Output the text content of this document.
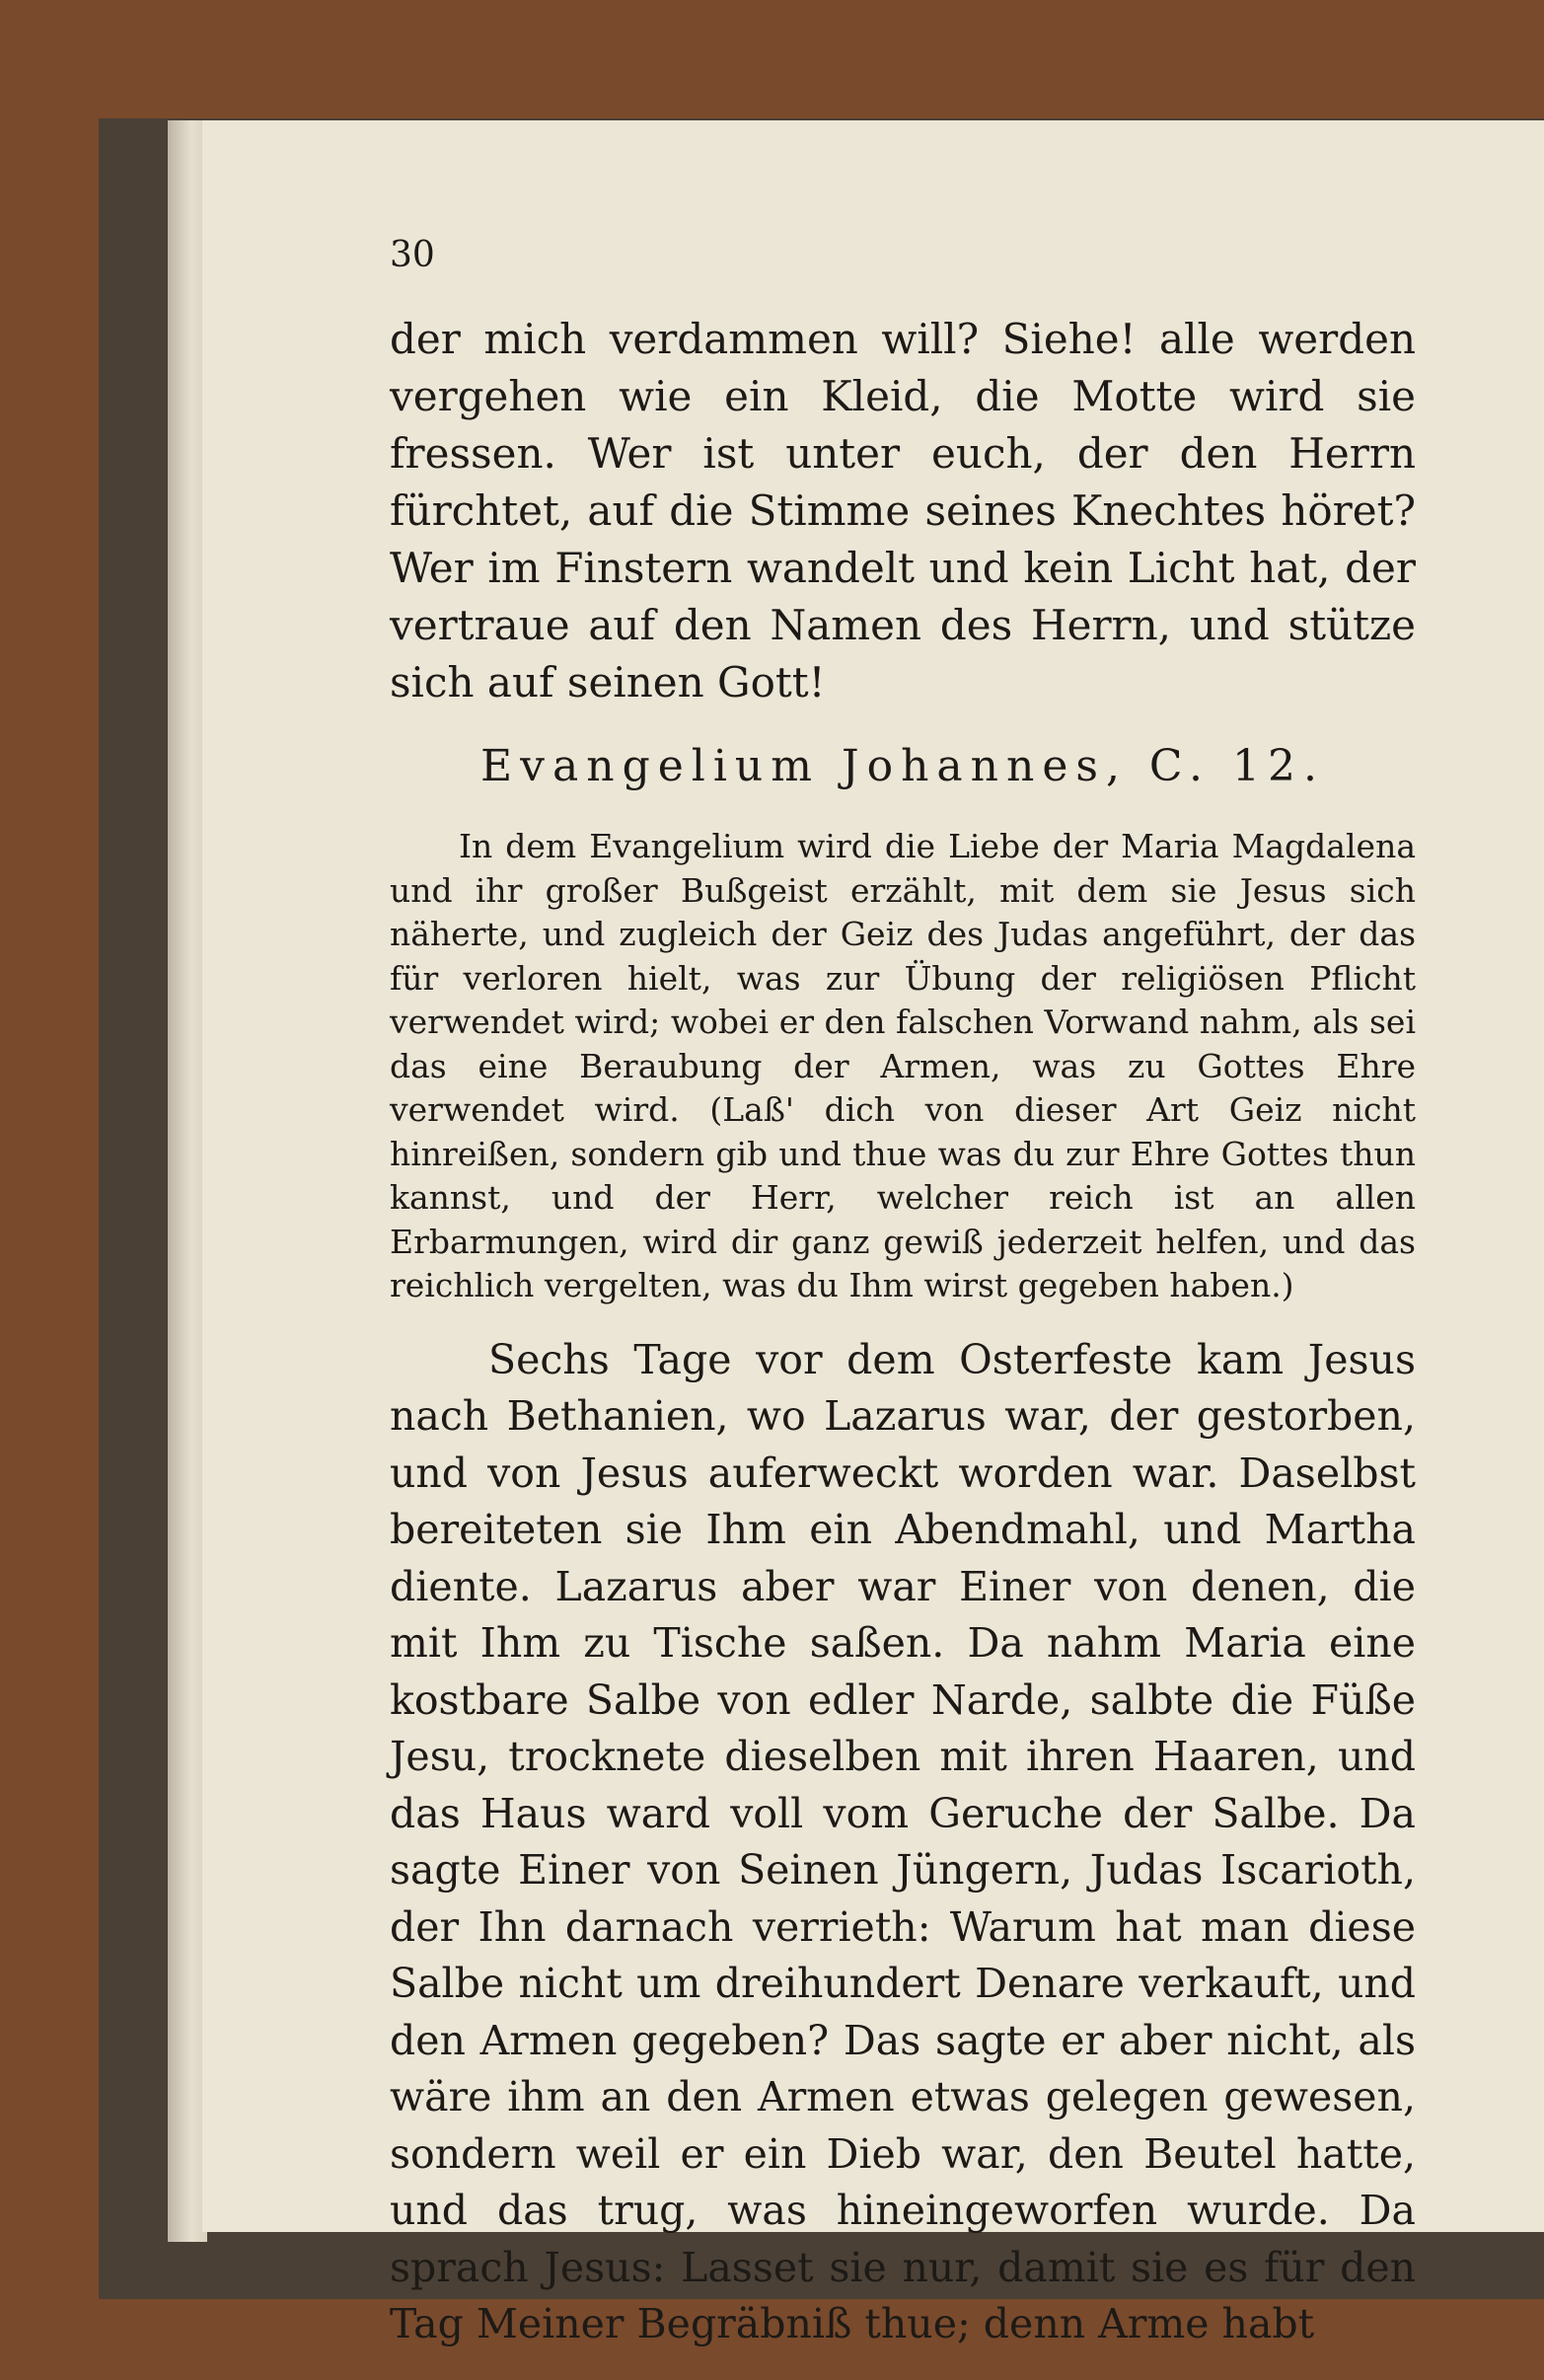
30

der mich verdammen will? Siehe! alle werden vergehen wie ein Kleid, die Motte wird sie fressen. Wer ist unter euch, der den Herrn fürchtet, auf die Stimme seines Knechtes höret? Wer im Finstern wandelt und kein Licht hat, der vertraue auf den Namen des Herrn, und stütze sich auf seinen Gott!

Evangelium Johannes, C. 12.

In dem Evangelium wird die Liebe der Maria Magdalena und ihr großer Bußgeist erzählt, mit dem sie Jesus sich näherte, und zugleich der Geiz des Judas angeführt, der das für verloren hielt, was zur Übung der religiösen Pflicht verwendet wird; wobei er den falschen Vorwand nahm, als sei das eine Beraubung der Armen, was zu Gottes Ehre verwendet wird. (Laß' dich von dieser Art Geiz nicht hinreißen, sondern gib und thue was du zur Ehre Gottes thun kannst, und der Herr, welcher reich ist an allen Erbarmungen, wird dir ganz gewiß jederzeit helfen, und das reichlich vergelten, was du Ihm wirst gegeben haben.)

Sechs Tage vor dem Osterfeste kam Jesus nach Bethanien, wo Lazarus war, der gestorben, und von Jesus auferweckt worden war. Daselbst bereiteten sie Ihm ein Abendmahl, und Martha diente. Lazarus aber war Einer von denen, die mit Ihm zu Tische saßen. Da nahm Maria eine kostbare Salbe von edler Narde, salbte die Füße Jesu, trocknete dieselben mit ihren Haaren, und das Haus ward voll vom Geruche der Salbe. Da sagte Einer von Seinen Jüngern, Judas Iscarioth, der Ihn darnach verrieth: Warum hat man diese Salbe nicht um dreihundert Denare verkauft, und den Armen gegeben? Das sagte er aber nicht, als wäre ihm an den Armen etwas gelegen gewesen, sondern weil er ein Dieb war, den Beutel hatte, und das trug, was hineingeworfen wurde. Da sprach Jesus: Lasset sie nur, damit sie es für den Tag Meiner Begräbniß thue; denn Arme habt
